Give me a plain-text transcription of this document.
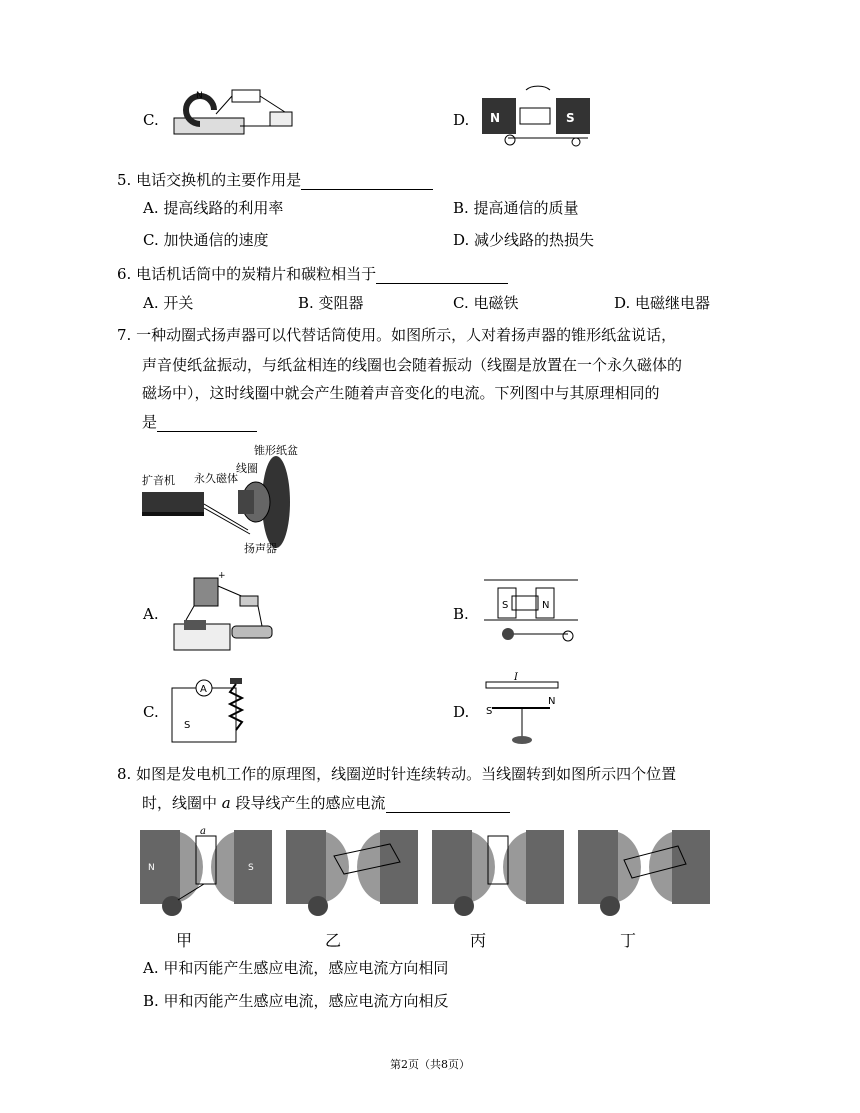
C.
N
D. N	S
5. 电话交换机的主要作用是
A. 提高线路的利用率	B. 提高通信的质量
C. 加快通信的速度	D. 减少线路的热损失
6. 电话机话筒中的炭精片和碳粒相当于
A. 开关	B. 变阻器	C. 电磁铁	D. 电磁继电器
7. 一种动圈式扬声器可以代替话筒使用。如图所示，人对着扬声器的锥形纸盆说话，
声音使纸盆振动，与纸盆相连的线圈也会随着振动（线圈是放置在一个永久磁体的
磁场中），这时线圈中就会产生随着声音变化的电流。下列图中与其原理相同的
是
扩音机 永久磁体
线圈
锥形纸盆
扬声器
A.
+
B.	S	N
C.
A
S
D.
I
S
N
8. 如图是发电机工作的原理图，线圈逆时针连续转动。当线圈转到如图所示四个位置
时，线圈中 a 段导线产生的感应电流
N	S
a
甲	乙	丙	丁
A. 甲和丙能产生感应电流，感应电流方向相同
B. 甲和丙能产生感应电流，感应电流方向相反
第2页（共8页）
